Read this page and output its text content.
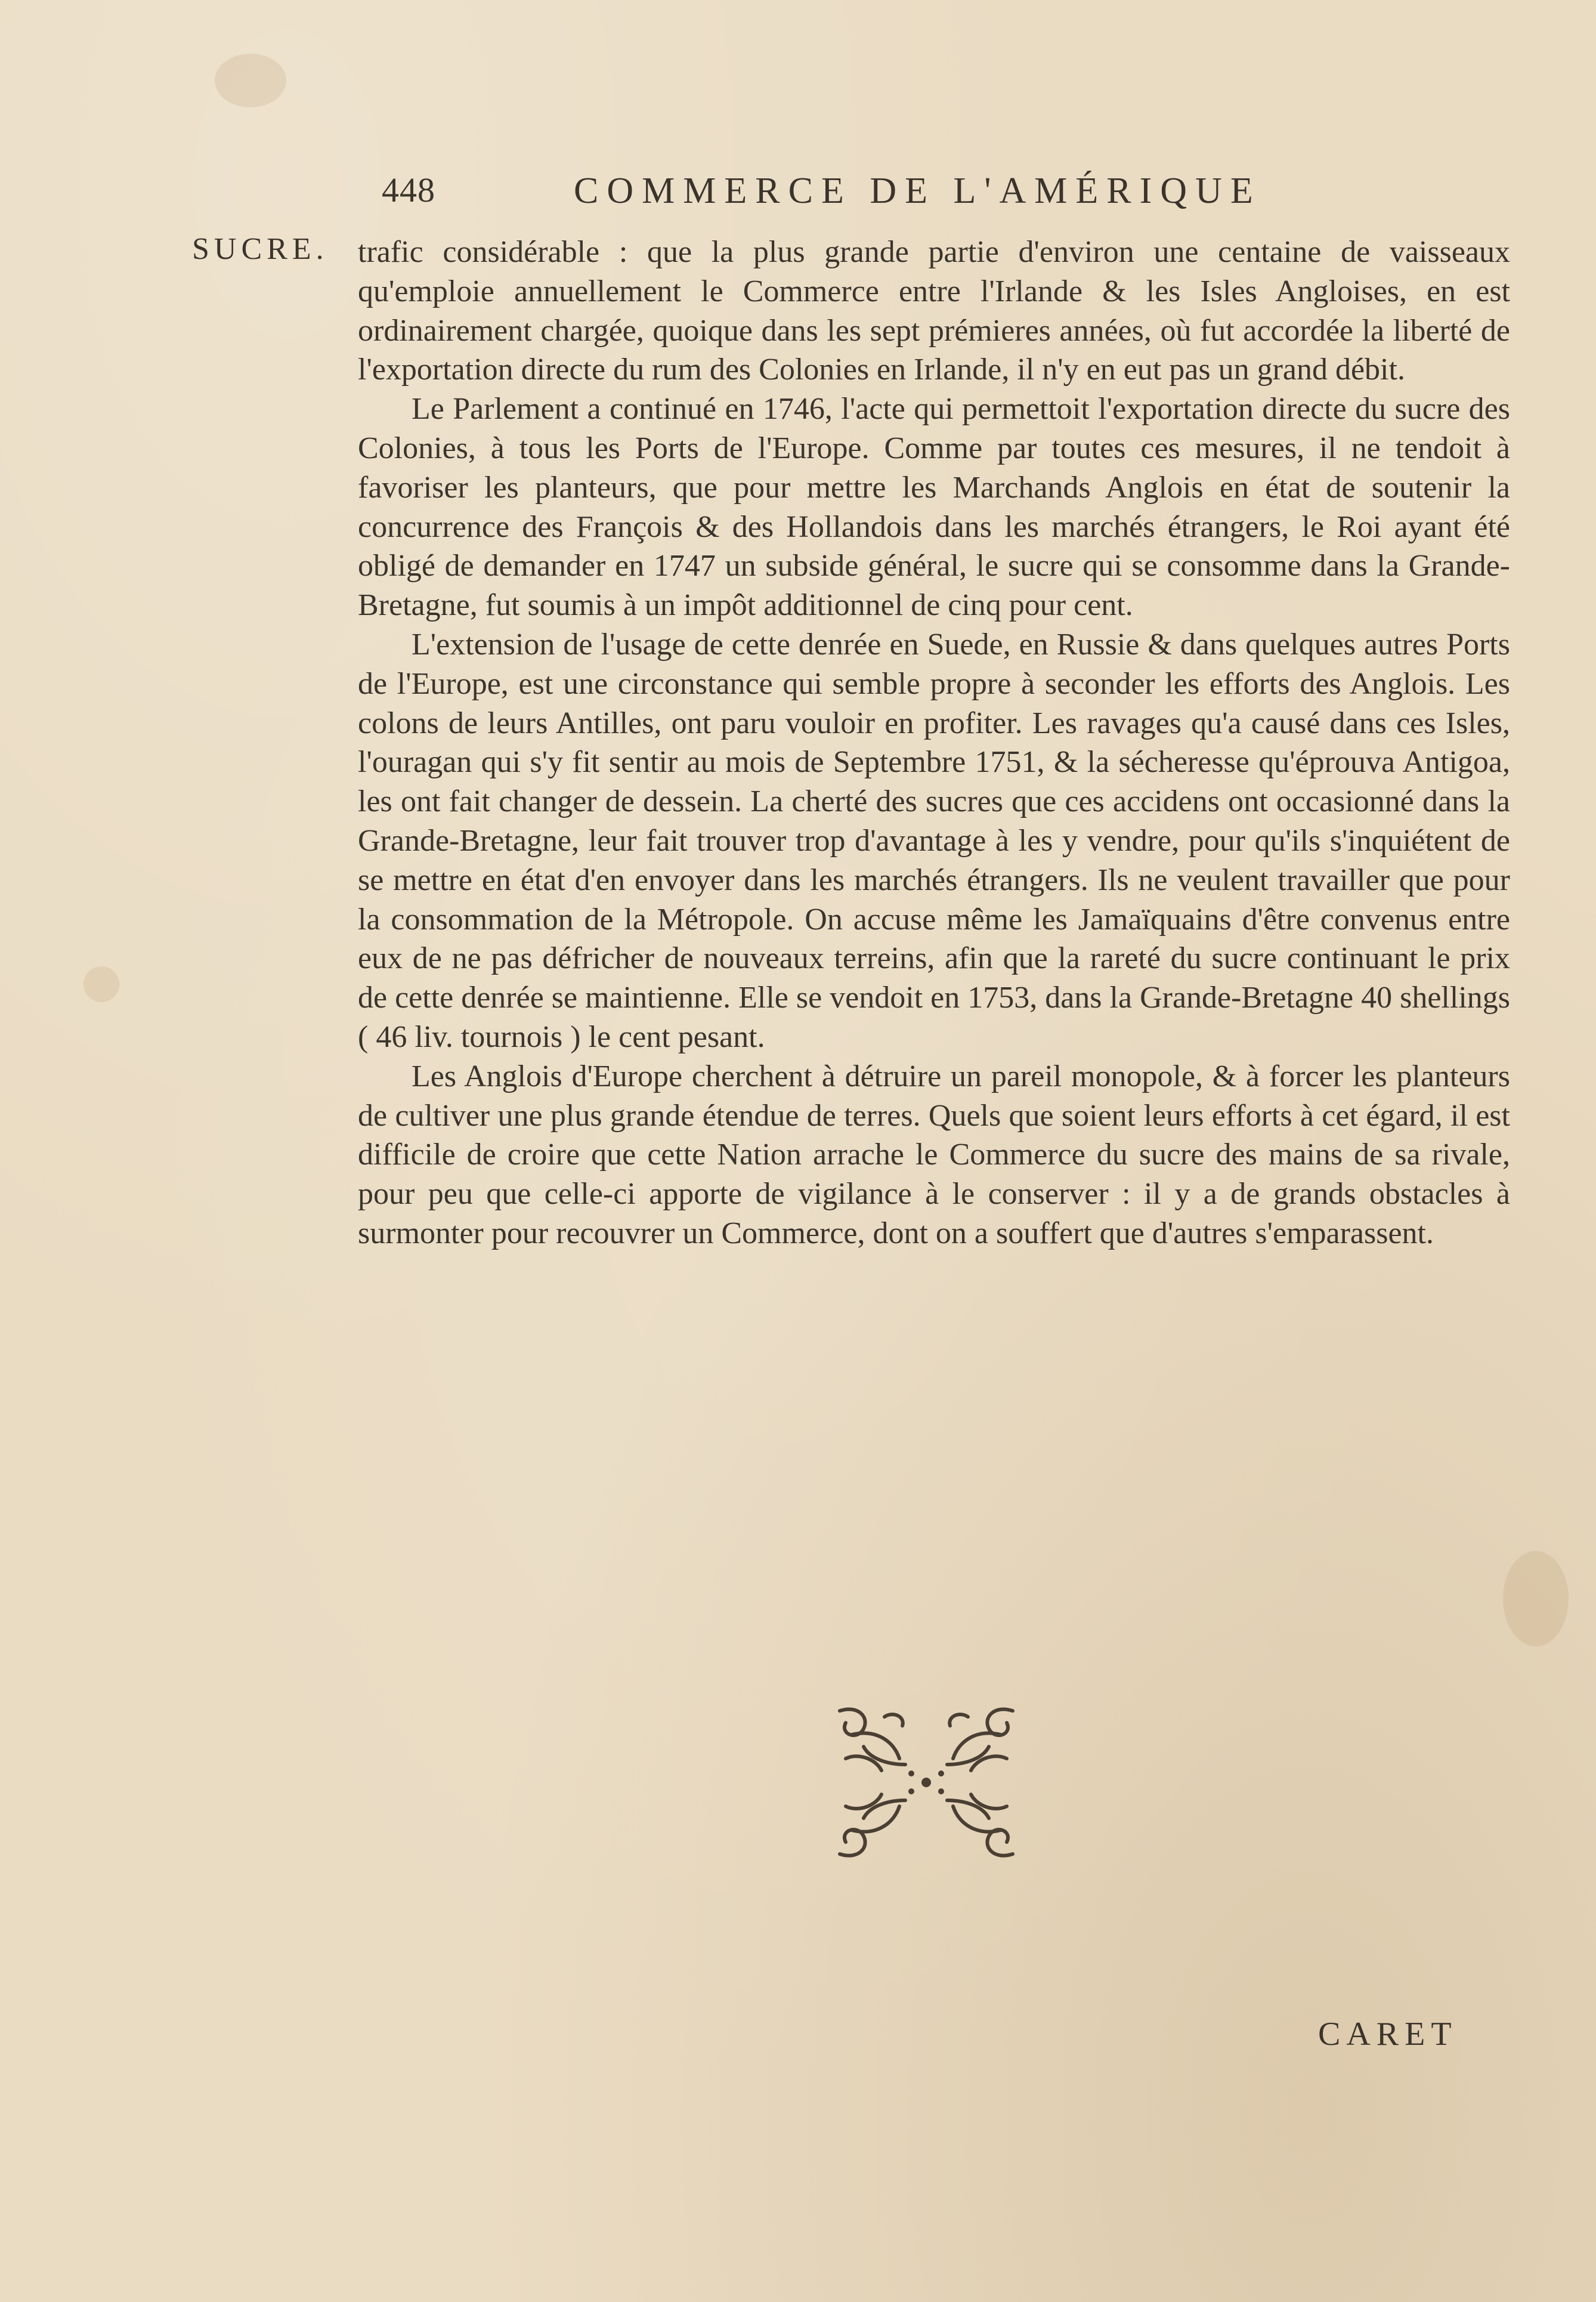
448	COMMERCE DE L'AMÉRIQUE
SUCRE. trafic considérable : que la plus grande partie d'environ une centaine de vaisseaux qu'emploie annuellement le Commerce entre l'Irlande & les Isles Angloises, en est ordinairement chargée, quoique dans les sept prémieres années, où fut accordée la liberté de l'exportation directe du rum des Colonies en Irlande, il n'y en eut pas un grand débit.

Le Parlement a continué en 1746, l'acte qui permettoit l'exportation directe du sucre des Colonies, à tous les Ports de l'Europe. Comme par toutes ces mesures, il ne tendoit à favoriser les planteurs, que pour mettre les Marchands Anglois en état de soutenir la concurrence des François & des Hollandois dans les marchés étrangers, le Roi ayant été obligé de demander en 1747 un subside général, le sucre qui se consomme dans la Grande-Bretagne, fut soumis à un impôt additionnel de cinq pour cent.

L'extension de l'usage de cette denrée en Suede, en Russie & dans quelques autres Ports de l'Europe, est une circonstance qui semble propre à seconder les efforts des Anglois. Les colons de leurs Antilles, ont paru vouloir en profiter. Les ravages qu'a causé dans ces Isles, l'ouragan qui s'y fit sentir au mois de Septembre 1751, & la sécheresse qu'éprouva Antigoa, les ont fait changer de dessein. La cherté des sucres que ces accidens ont occasionné dans la Grande-Bretagne, leur fait trouver trop d'avantage à les y vendre, pour qu'ils s'inquiétent de se mettre en état d'en envoyer dans les marchés étrangers. Ils ne veulent travailler que pour la consommation de la Métropole. On accuse même les Jamaïquains d'être convenus entre eux de ne pas défricher de nouveaux terreins, afin que la rareté du sucre continuant le prix de cette denrée se maintienne. Elle se vendoit en 1753, dans la Grande-Bretagne 40 shellings ( 46 liv. tournois ) le cent pesant.

Les Anglois d'Europe cherchent à détruire un pareil monopole, & à forcer les planteurs de cultiver une plus grande étendue de terres. Quels que soient leurs efforts à cet égard, il est difficile de croire que cette Nation arrache le Commerce du sucre des mains de sa rivale, pour peu que celle-ci apporte de vigilance à le conserver : il y a de grands obstacles à surmonter pour recouvrer un Commerce, dont on a souffert que d'autres s'emparassent.

CARET
